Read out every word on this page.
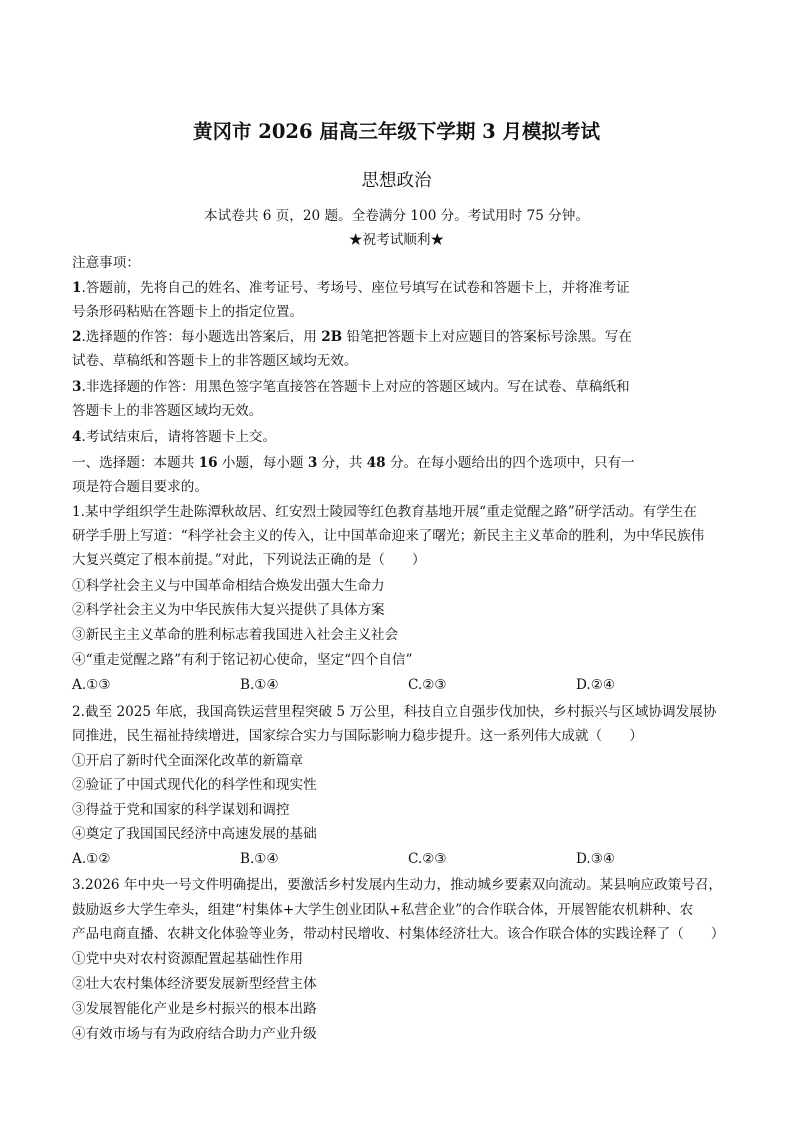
黄冈市 2026 届高三年级下学期 3 月模拟考试
思想政治
本试卷共 6 页，20 题。全卷满分 100 分。考试用时 75 分钟。
★祝考试顺利★
注意事项：
1.答题前，先将自己的姓名、准考证号、考场号、座位号填写在试卷和答题卡上，并将准考证
号条形码粘贴在答题卡上的指定位置。
2.选择题的作答：每小题选出答案后，用 2B 铅笔把答题卡上对应题目的答案标号涂黑。写在
试卷、草稿纸和答题卡上的非答题区域均无效。
3.非选择题的作答：用黑色签字笔直接答在答题卡上对应的答题区域内。写在试卷、草稿纸和
答题卡上的非答题区域均无效。
4.考试结束后，请将答题卡上交。
一、选择题：本题共 16 小题，每小题 3 分，共 48 分。在每小题给出的四个选项中，只有一
项是符合题目要求的。
1.某中学组织学生赴陈潭秋故居、红安烈士陵园等红色教育基地开展“重走觉醒之路”研学活动。有学生在
研学手册上写道：“科学社会主义的传入，让中国革命迎来了曙光；新民主主义革命的胜利，为中华民族伟
大复兴奠定了根本前提。”对此，下列说法正确的是（　　）
①科学社会主义与中国革命相结合焕发出强大生命力
②科学社会主义为中华民族伟大复兴提供了具体方案
③新民主主义革命的胜利标志着我国进入社会主义社会
④“重走觉醒之路”有利于铭记初心使命，坚定“四个自信”
A.①③	B.①④	C.②③	D.②④
2.截至 2025 年底，我国高铁运营里程突破 5 万公里，科技自立自强步伐加快，乡村振兴与区域协调发展协
同推进，民生福祉持续增进，国家综合实力与国际影响力稳步提升。这一系列伟大成就（　　）
①开启了新时代全面深化改革的新篇章
②验证了中国式现代化的科学性和现实性
③得益于党和国家的科学谋划和调控
④奠定了我国国民经济中高速发展的基础
A.①②	B.①④	C.②③	D.③④
3.2026 年中央一号文件明确提出，要激活乡村发展内生动力，推动城乡要素双向流动。某县响应政策号召，
鼓励返乡大学生牵头，组建“村集体+大学生创业团队+私营企业”的合作联合体，开展智能农机耕种、农
产品电商直播、农耕文化体验等业务，带动村民增收、村集体经济壮大。该合作联合体的实践诠释了（　　）
①党中央对农村资源配置起基础性作用
②壮大农村集体经济要发展新型经营主体
③发展智能化产业是乡村振兴的根本出路
④有效市场与有为政府结合助力产业升级
